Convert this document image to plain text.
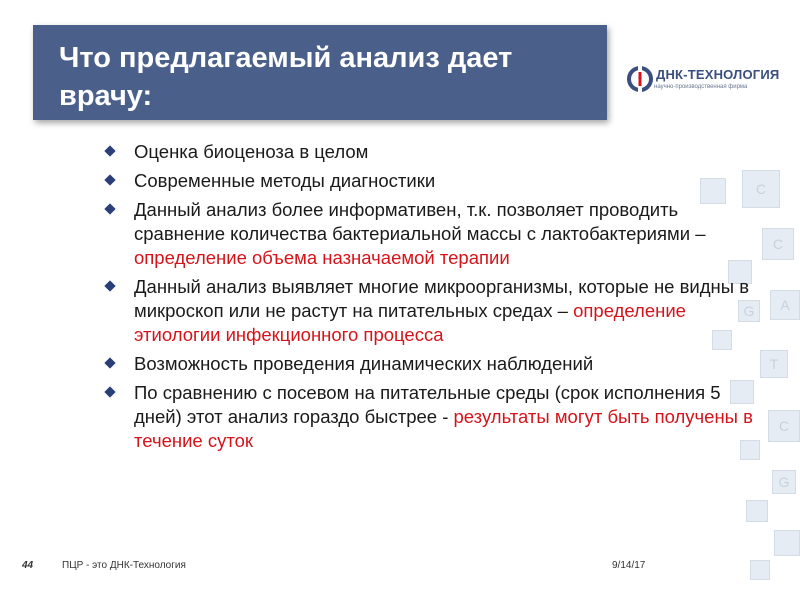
C
C
A
G
T
C
G
Что предлагаемый анализ дает врачу:
ДНК-ТЕХНОЛОГИЯ
научно-производственная фирма
Оценка биоценоза в целом
Современные методы диагностики
Данный анализ более информативен, т.к. позволяет проводить сравнение количества бактериальной массы с лактобактериями – определение объема назначаемой терапии
Данный анализ выявляет многие микроорганизмы, которые не видны в микроскоп или не растут на питательных средах – определение этиологии инфекционного процесса
Возможность проведения динамических наблюдений
По сравнению с посевом на питательные среды (срок исполнения 5 дней) этот анализ гораздо быстрее - результаты могут быть получены в течение суток
44	ПЦР - это ДНК-Технология	9/14/17
